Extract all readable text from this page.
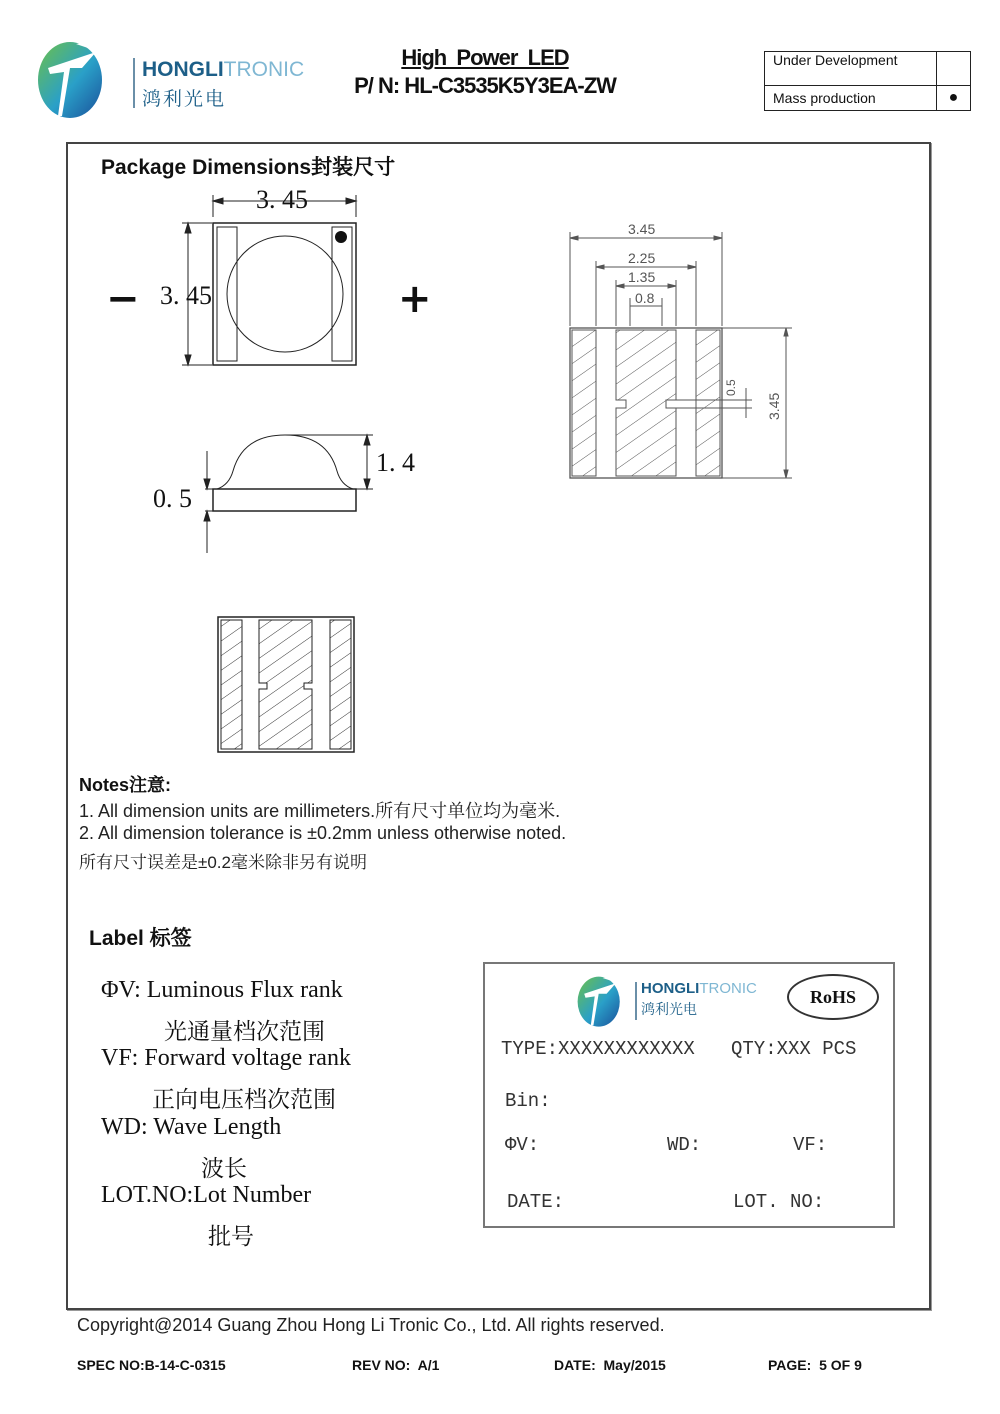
HONGLITRONIC
鸿利光电
High  Power  LED
P/ N: HL-C3535K5Y3EA-ZW
Under Development	
Mass production	●
Package Dimensions封装尺寸
3. 45
3. 45
−	+
1. 4
0. 5
3.45
2.25
1.35
0.8
0.5
3.45
Notes注意:
1. All dimension units are millimeters.所有尺寸单位均为毫米.
2. All dimension tolerance is ±0.2mm unless otherwise noted.
所有尺寸误差是±0.2毫米除非另有说明
Label 标签
ΦV: Luminous Flux rank
光通量档次范围
VF: Forward voltage rank
正向电压档次范围
WD: Wave Length
波长
LOT.NO:Lot Number
批号
HONGLITRONIC
鸿利光电
RoHS
TYPE:XXXXXXXXXXXX QTY:XXX PCS
Bin:
ΦV:	WD:	VF:
DATE:	LOT. NO:
Copyright@2014 Guang Zhou Hong Li Tronic Co., Ltd. All rights reserved.
SPEC NO:B-14-C-0315	REV NO:  A/1	DATE:  May/2015	PAGE:  5 OF 9
